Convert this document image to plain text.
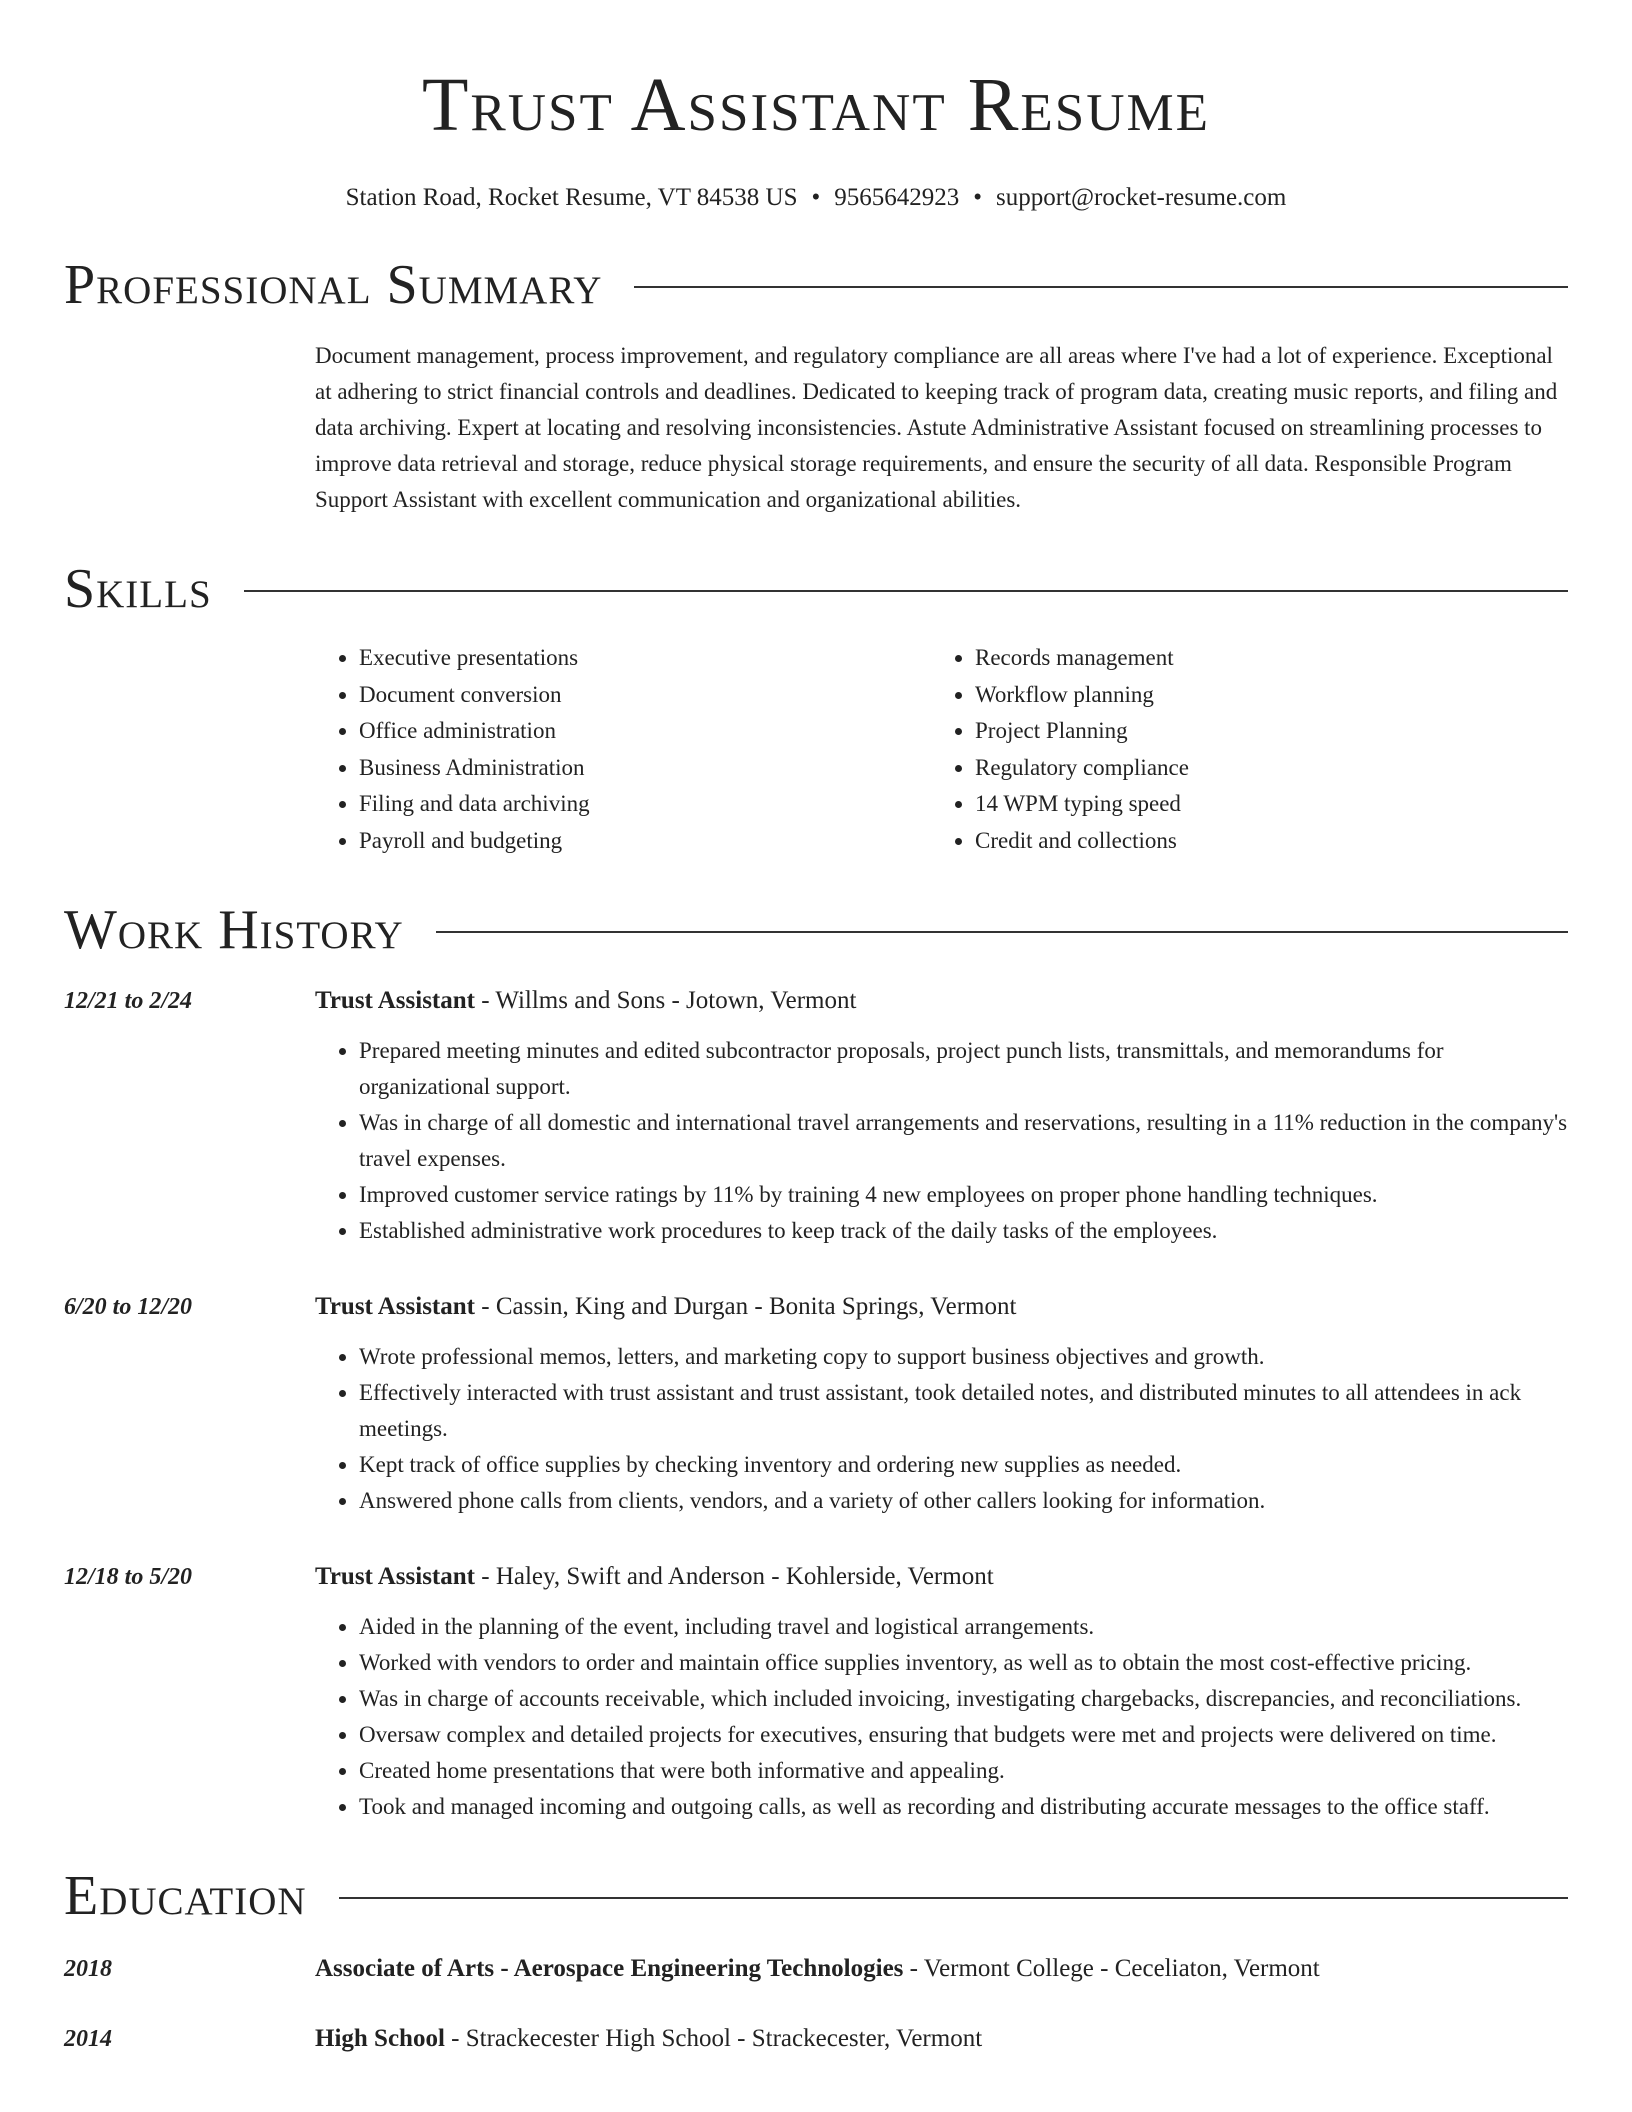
Trust Assistant Resume
Station Road, Rocket Resume, VT 84538 US • 9565642923 • support@rocket-resume.com
Professional Summary
Document management, process improvement, and regulatory compliance are all areas where I've had a lot of experience. Exceptional at adhering to strict financial controls and deadlines. Dedicated to keeping track of program data, creating music reports, and filing and data archiving. Expert at locating and resolving inconsistencies. Astute Administrative Assistant focused on streamlining processes to improve data retrieval and storage, reduce physical storage requirements, and ensure the security of all data. Responsible Program Support Assistant with excellent communication and organizational abilities.
Skills
• Executive presentations
• Document conversion
• Office administration
• Business Administration
• Filing and data archiving
• Payroll and budgeting
• Records management
• Workflow planning
• Project Planning
• Regulatory compliance
• 14 WPM typing speed
• Credit and collections
Work History
12/21 to 2/24	Trust Assistant - Willms and Sons - Jotown, Vermont
• Prepared meeting minutes and edited subcontractor proposals, project punch lists, transmittals, and memorandums for organizational support.
• Was in charge of all domestic and international travel arrangements and reservations, resulting in a 11% reduction in the company's travel expenses.
• Improved customer service ratings by 11% by training 4 new employees on proper phone handling techniques.
• Established administrative work procedures to keep track of the daily tasks of the employees.
6/20 to 12/20	Trust Assistant - Cassin, King and Durgan - Bonita Springs, Vermont
• Wrote professional memos, letters, and marketing copy to support business objectives and growth.
• Effectively interacted with trust assistant and trust assistant, took detailed notes, and distributed minutes to all attendees in ack meetings.
• Kept track of office supplies by checking inventory and ordering new supplies as needed.
• Answered phone calls from clients, vendors, and a variety of other callers looking for information.
12/18 to 5/20	Trust Assistant - Haley, Swift and Anderson - Kohlerside, Vermont
• Aided in the planning of the event, including travel and logistical arrangements.
• Worked with vendors to order and maintain office supplies inventory, as well as to obtain the most cost-effective pricing.
• Was in charge of accounts receivable, which included invoicing, investigating chargebacks, discrepancies, and reconciliations.
• Oversaw complex and detailed projects for executives, ensuring that budgets were met and projects were delivered on time.
• Created home presentations that were both informative and appealing.
• Took and managed incoming and outgoing calls, as well as recording and distributing accurate messages to the office staff.
Education
2018	Associate of Arts - Aerospace Engineering Technologies - Vermont College - Ceceliaton, Vermont
2014	High School - Strackecester High School - Strackecester, Vermont
